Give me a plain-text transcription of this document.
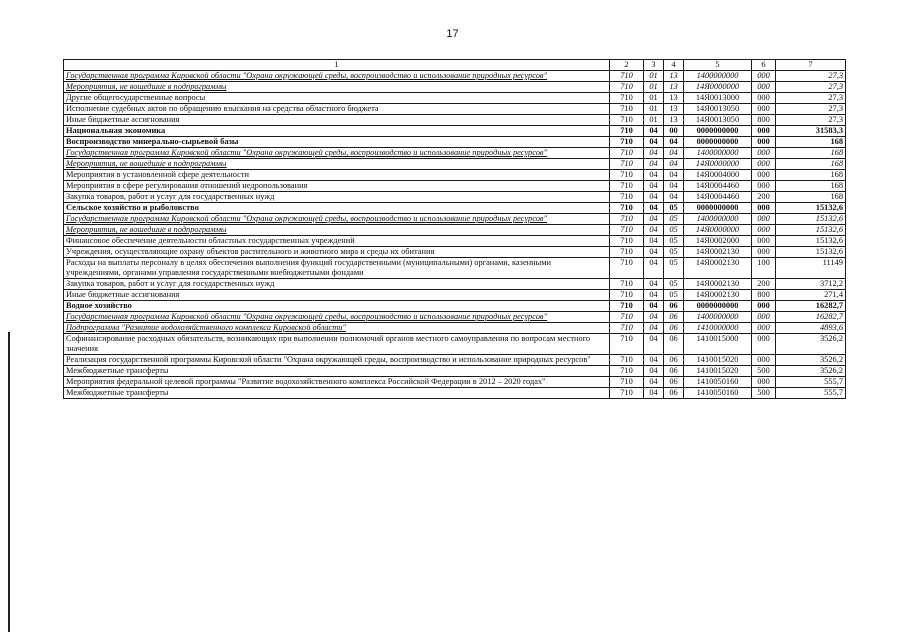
17
1	2	3	4	5	6	7
Государственная программа Кировской области "Охрана окружающей среды, воспроизводство и использование природных ресурсов"	710	01	13	1400000000	000	27,3
Мероприятия, не вошедшие в подпрограммы	710	01	13	14Я0000000	000	27,3
Другие общегосударственные вопросы	710	01	13	14Я0013000	000	27,3
Исполнение судебных актов по обращению взыскания на средства областного бюджета	710	01	13	14Я0013050	000	27,3
Иные бюджетные ассигнования	710	01	13	14Я0013050	800	27,3
Национальная экономика	710	04	00	0000000000	000	31583,3
Воспроизводство минерально-сырьевой базы	710	04	04	0000000000	000	168
Государственная программа Кировской области "Охрана окружающей среды, воспроизводство и использование природных ресурсов"	710	04	04	1400000000	000	168
Мероприятия, не вошедшие в подпрограммы	710	04	04	14Я0000000	000	168
Мероприятия в установленной сфере деятельности	710	04	04	14Я0004000	000	168
Мероприятия в сфере регулирования отношений недропользования	710	04	04	14Я0004460	000	168
Закупка товаров, работ и услуг для государственных нужд	710	04	04	14Я0004460	200	168
Сельское хозяйство и рыболовство	710	04	05	0000000000	000	15132,6
Государственная программа Кировской области "Охрана окружающей среды, воспроизводство и использование природных ресурсов"	710	04	05	1400000000	000	15132,6
Мероприятия, не вошедшие в подпрограммы	710	04	05	14Я0000000	000	15132,6
Финансовое обеспечение деятельности областных государственных учреждений	710	04	05	14Я0002000	000	15132,6
Учреждения, осуществляющие охрану объектов растительного и животного мира и среды их обитания	710	04	05	14Я0002130	000	15132,6
Расходы на выплаты персоналу в целях обеспечения выполнения функций государственными (муниципальными) органами, казенными учреждениями, органами управления государственными внебюджетными фондами	710	04	05	14Я0002130	100	11149
Закупка товаров, работ и услуг для государственных нужд	710	04	05	14Я0002130	200	3712,2
Иные бюджетные ассигнования	710	04	05	14Я0002130	800	271,4
Водное хозяйство	710	04	06	0000000000	000	16282,7
Государственная программа Кировской области "Охрана окружающей среды, воспроизводство и использование природных ресурсов"	710	04	06	1400000000	000	16282,7
Подпрограмма "Развитие водохозяйственного комплекса Кировской области"	710	04	06	1410000000	000	4893,6
Софинансирование расходных обязательств, возникающих при выполнении полномочий органов местного самоуправления по вопросам местного значения	710	04	06	1410015000	000	3526,2
Реализация государственной программы Кировской области "Охрана окружающей среды, воспроизводство и использование природных ресурсов"	710	04	06	1410015020	000	3526,2
Межбюджетные трансферты	710	04	06	1410015020	500	3526,2
Мероприятия федеральной целевой программы "Развитие водохозяйственного комплекса Российской Федерации в 2012 – 2020 годах"	710	04	06	1410050160	000	555,7
Межбюджетные трансферты	710	04	06	1410050160	500	555,7
